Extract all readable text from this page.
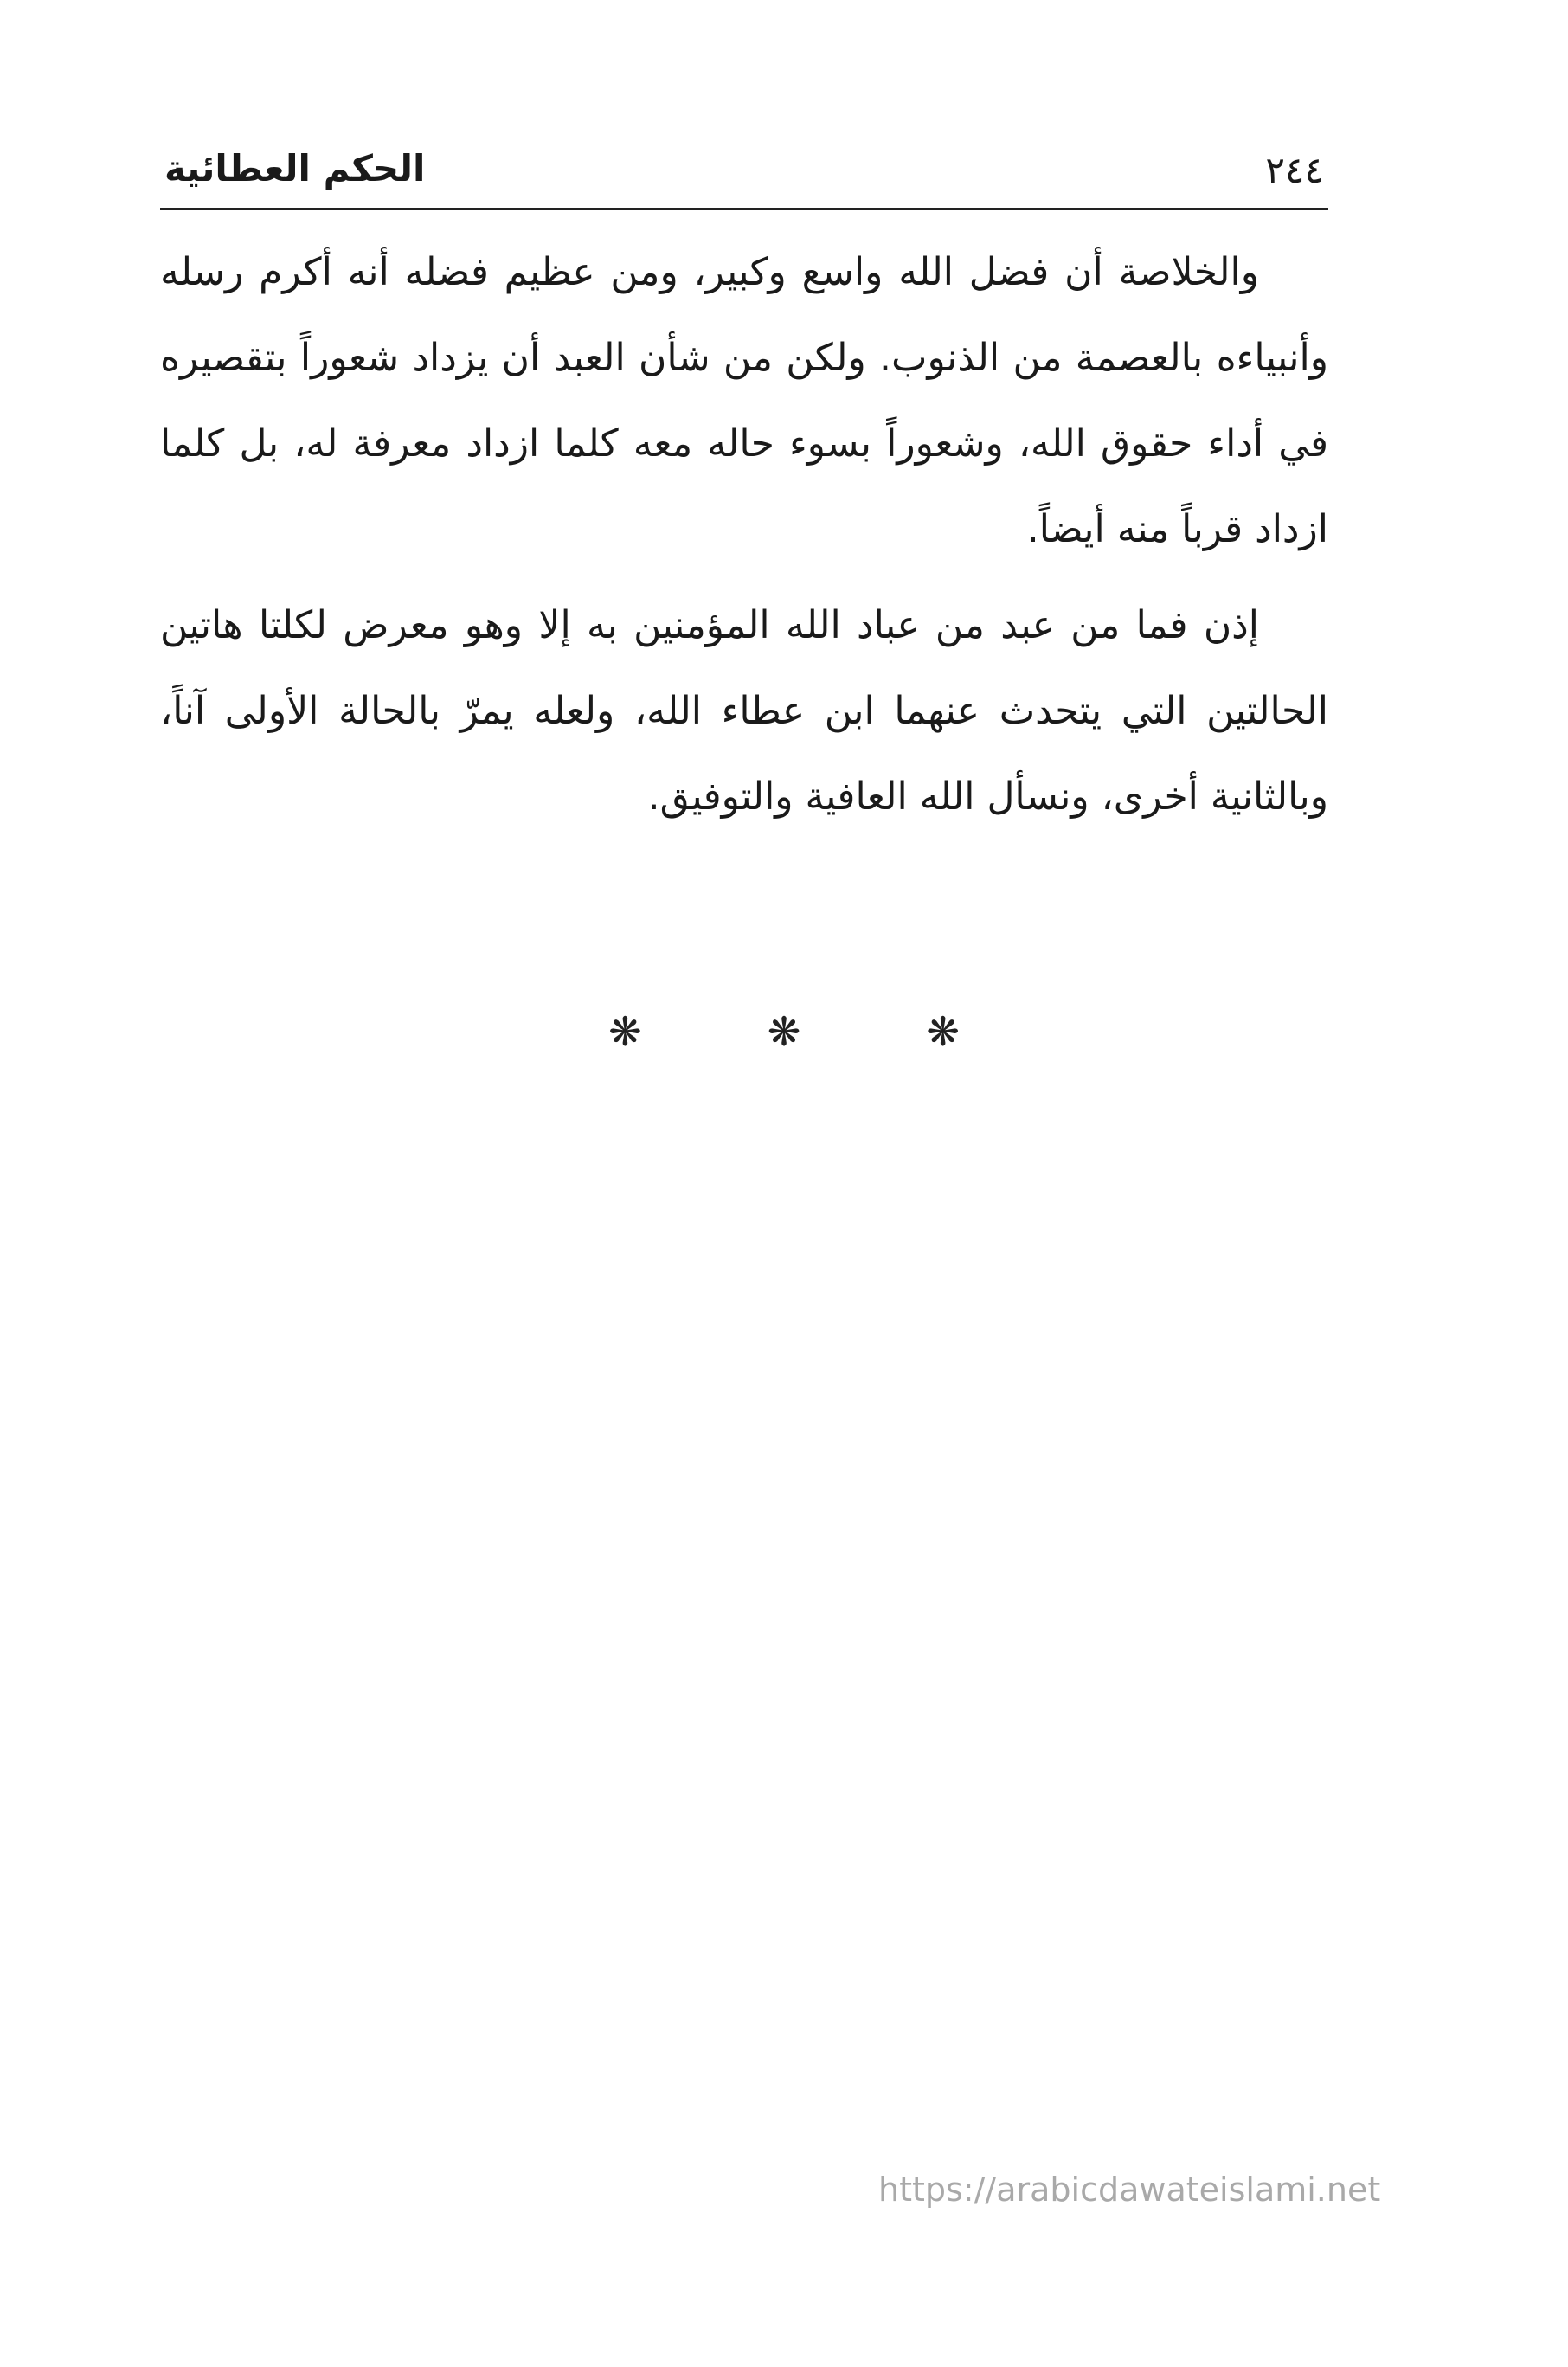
٢٤٤
الحكم العطائية

والخلاصة أن فضل الله واسع وكبير، ومن عظيم فضله أنه أكرم رسله وأنبياءه بالعصمة من الذنوب. ولكن من شأن العبد أن يزداد شعوراً بتقصيره في أداء حقوق الله، وشعوراً بسوء حاله معه كلما ازداد معرفة له، بل كلما ازداد قرباً منه أيضاً.

إذن فما من عبد من عباد الله المؤمنين به إلا وهو معرض لكلتا هاتين الحالتين التي يتحدث عنهما ابن عطاء الله، ولعله يمرّ بالحالة الأولى آناً، وبالثانية أخرى، ونسأل الله العافية والتوفيق.

❋	❋	❋
https://arabicdawateislami.net
